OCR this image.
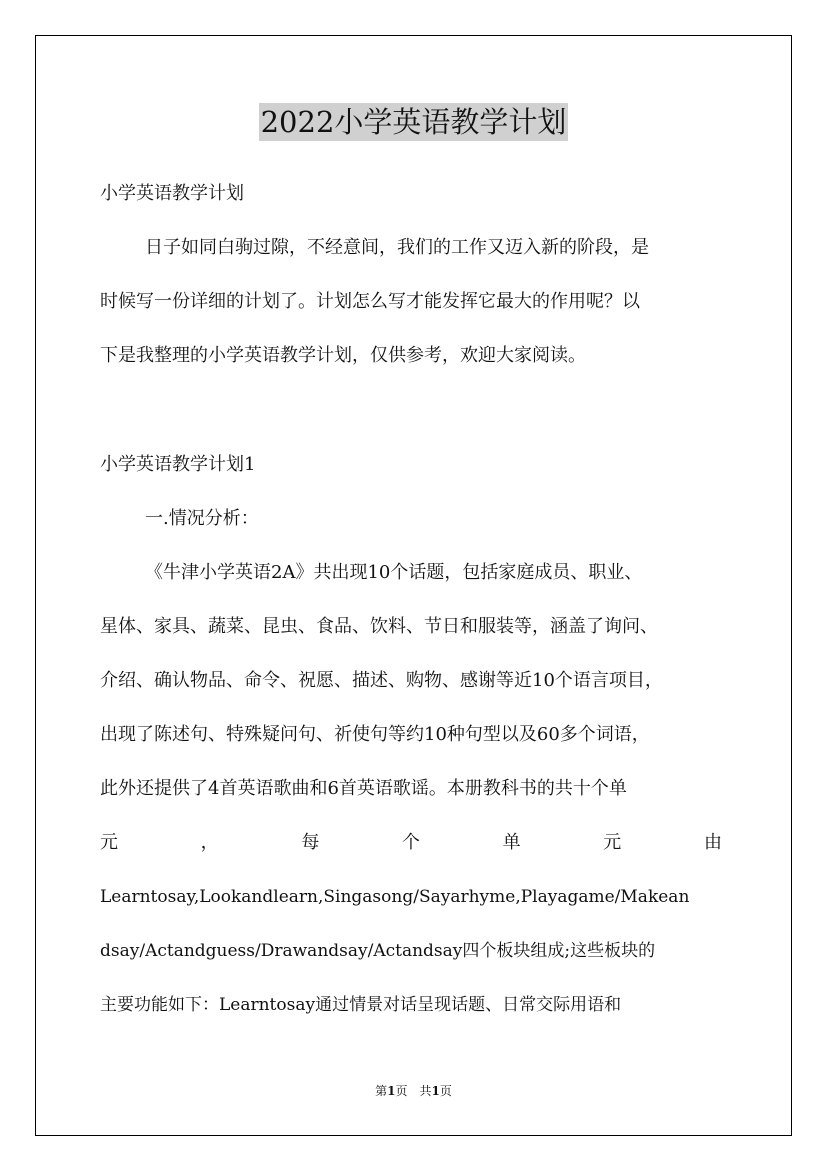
2022小学英语教学计划
小学英语教学计划
日子如同白驹过隙，不经意间，我们的工作又迈入新的阶段，是
时候写一份详细的计划了。计划怎么写才能发挥它最大的作用呢？以
下是我整理的小学英语教学计划，仅供参考，欢迎大家阅读。
小学英语教学计划1
一.情况分析：
《牛津小学英语2A》共出现10个话题，包括家庭成员、职业、
星体、家具、蔬菜、昆虫、食品、饮料、节日和服装等，涵盖了询问、
介绍、确认物品、命令、祝愿、描述、购物、感谢等近10个语言项目，
出现了陈述句、特殊疑问句、祈使句等约10种句型以及60多个词语，
此外还提供了4首英语歌曲和6首英语歌谣。本册教科书的共十个单
元	，	每	个	单	元	由
Learntosay,Lookandlearn,Singasong/Sayarhyme,Playagame/Makean
dsay/Actandguess/Drawandsay/Actandsay四个板块组成;这些板块的
主要功能如下：Learntosay通过情景对话呈现话题、日常交际用语和
第1页　共1页
